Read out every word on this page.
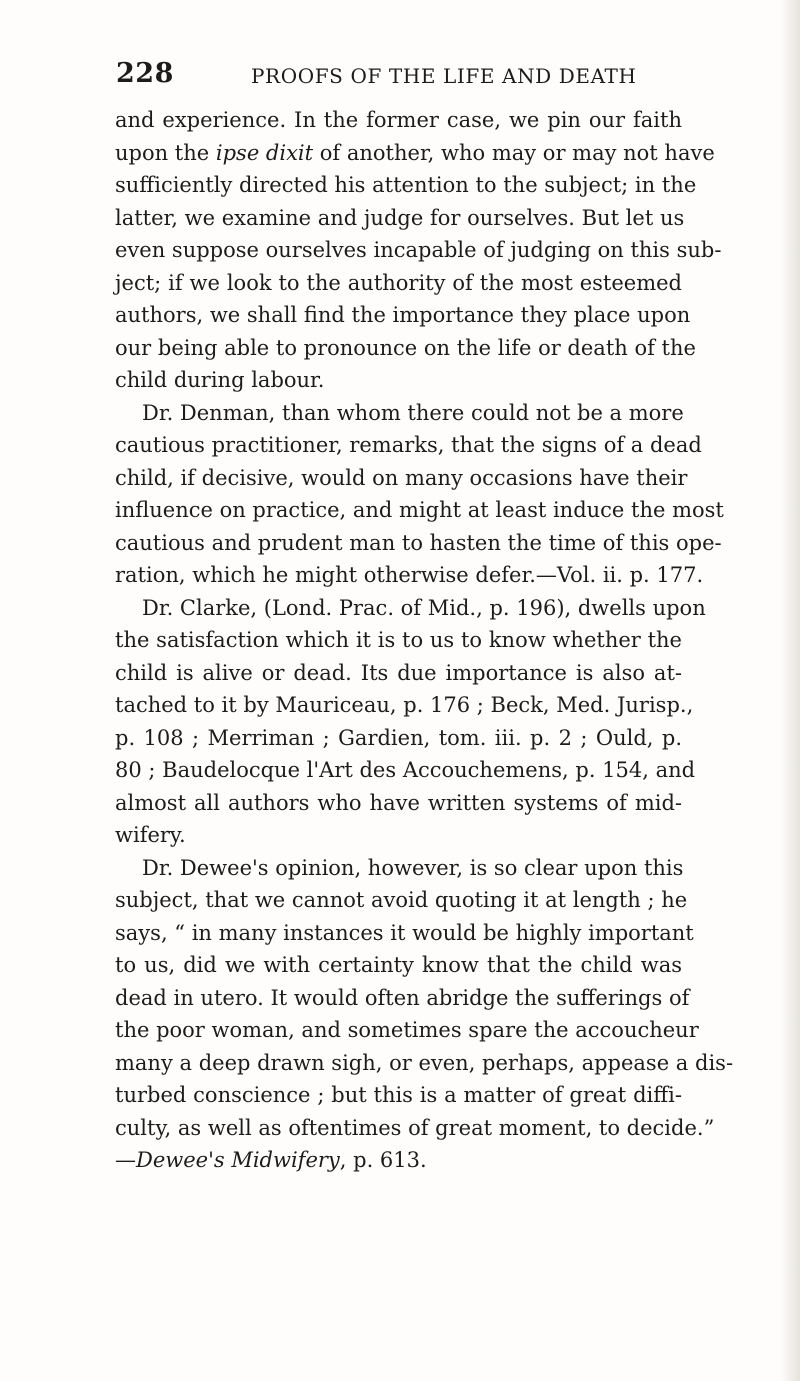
228	PROOFS OF THE LIFE AND DEATH
and experience. In the former case, we pin our faith
upon the ipse dixit of another, who may or may not have
sufficiently directed his attention to the subject; in the
latter, we examine and judge for ourselves. But let us
even suppose ourselves incapable of judging on this sub-
ject; if we look to the authority of the most esteemed
authors, we shall find the importance they place upon
our being able to pronounce on the life or death of the
child during labour.
Dr. Denman, than whom there could not be a more
cautious practitioner, remarks, that the signs of a dead
child, if decisive, would on many occasions have their
influence on practice, and might at least induce the most
cautious and prudent man to hasten the time of this ope-
ration, which he might otherwise defer.—Vol. ii. p. 177.
Dr. Clarke, (Lond. Prac. of Mid., p. 196), dwells upon
the satisfaction which it is to us to know whether the
child is alive or dead. Its due importance is also at-
tached to it by Mauriceau, p. 176 ; Beck, Med. Jurisp.,
p. 108 ; Merriman ; Gardien, tom. iii. p. 2 ; Ould, p.
80 ; Baudelocque l'Art des Accouchemens, p. 154, and
almost all authors who have written systems of mid-
wifery.
Dr. Dewee's opinion, however, is so clear upon this
subject, that we cannot avoid quoting it at length ; he
says, “ in many instances it would be highly important
to us, did we with certainty know that the child was
dead in utero. It would often abridge the sufferings of
the poor woman, and sometimes spare the accoucheur
many a deep drawn sigh, or even, perhaps, appease a dis-
turbed conscience ; but this is a matter of great diffi-
culty, as well as oftentimes of great moment, to decide.”
—Dewee's Midwifery, p. 613.
